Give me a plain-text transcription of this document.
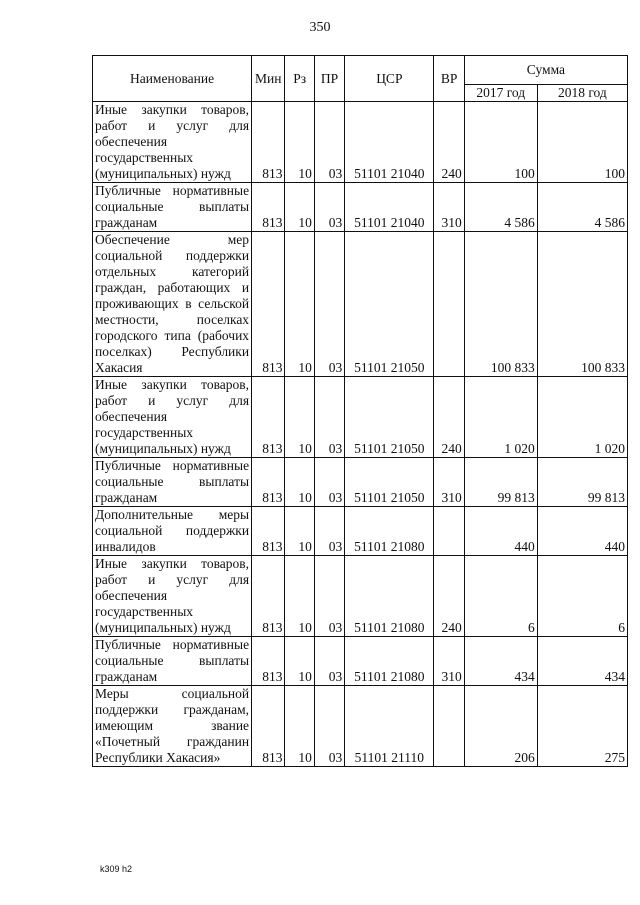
350
Наименование	Мин	Рз	ПР	ЦСР	ВР	Сумма	
						2017 год	2018 год
Иные закупки товаров, работ и услуг для обеспечения государственных (муниципальных) нужд	813	10	03	51101 21040	240	100	100
Публичные нормативные социальные выплаты гражданам	813	10	03	51101 21040	310	4 586	4 586
Обеспечение мер социальной поддержки отдельных категорий граждан, работающих и проживающих в сельской местности, поселках городского типа (рабочих поселках) Республики Хакасия	813	10	03	51101 21050		100 833	100 833
Иные закупки товаров, работ и услуг для обеспечения государственных (муниципальных) нужд	813	10	03	51101 21050	240	1 020	1 020
Публичные нормативные социальные выплаты гражданам	813	10	03	51101 21050	310	99 813	99 813
Дополнительные меры социальной поддержки инвалидов	813	10	03	51101 21080		440	440
Иные закупки товаров, работ и услуг для обеспечения государственных (муниципальных) нужд	813	10	03	51101 21080	240	6	6
Публичные нормативные социальные выплаты гражданам	813	10	03	51101 21080	310	434	434
Меры социальной поддержки гражданам, имеющим звание «Почетный гражданин Республики Хакасия»	813	10	03	51101 21110		206	275
k309 h2
